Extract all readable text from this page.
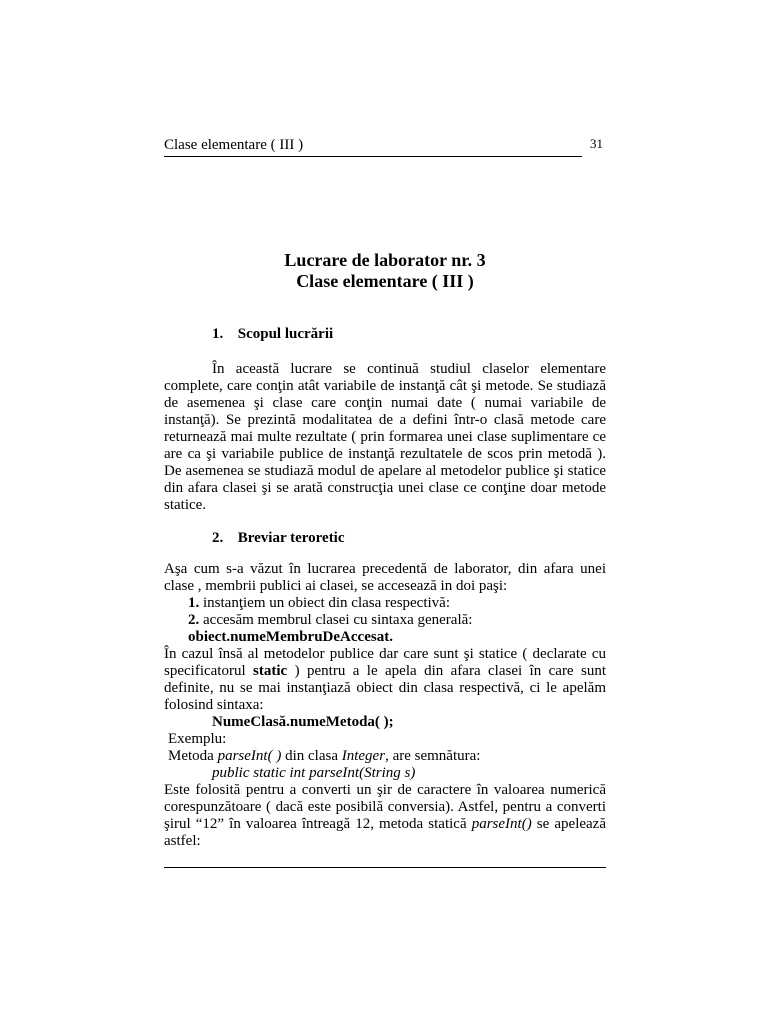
Clase elementare ( III )	31
Lucrare de laborator nr. 3
Clase elementare ( III )
1. Scopul lucrării
În această lucrare se continuă studiul claselor elementare complete, care conţin atât variabile de instanţă cât şi metode. Se studiază de asemenea şi clase care conţin numai date ( numai variabile de instanţă). Se prezintă modalitatea de a defini într-o clasă metode care returnează mai multe rezultate ( prin formarea unei clase suplimentare ce are ca şi variabile publice de instanţă rezultatele de scos prin metodă ). De asemenea se studiază modul de apelare al metodelor publice şi statice din afara clasei şi se arată construcţia unei clase ce conţine doar metode statice.
2. Breviar teroretic
Aşa cum s-a văzut în lucrarea precedentă de laborator, din afara unei clase , membrii publici ai clasei, se accesează in doi paşi:
1. instanţiem un obiect din clasa respectivă:
2. accesăm membrul clasei cu sintaxa generală:
obiect.numeMembruDeAccesat.
În cazul însă al metodelor publice dar care sunt şi statice ( declarate cu specificatorul static ) pentru a le apela din afara clasei în care sunt definite, nu se mai instanţiază obiect din clasa respectivă, ci le apelăm folosind sintaxa:
NumeClasă.numeMetoda( );
Exemplu:
Metoda parseInt( ) din clasa Integer, are semnătura:
public static int parseInt(String s)
Este folosită pentru a converti un şir de caractere în valoarea numerică corespunzătoare ( dacă este posibilă conversia). Astfel, pentru a converti şirul “12” în valoarea întreagă 12, metoda statică parseInt() se apelează astfel:
